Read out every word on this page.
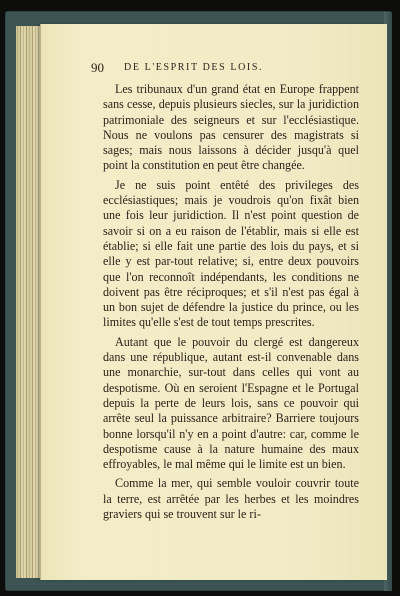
90 DE L'ESPRIT DES LOIS.

Les tribunaux d'un grand état en Europe frappent sans cesse, depuis plusieurs siecles, sur la juridiction patrimoniale des seigneurs et sur l'ecclésiastique. Nous ne voulons pas censurer des magistrats si sages; mais nous laissons à décider jusqu'à quel point la constitution en peut être changée.

Je ne suis point entêté des privileges des ecclésiastiques; mais je voudrois qu'on fixât bien une fois leur juridiction. Il n'est point question de savoir si on a eu raison de l'établir, mais si elle est établie; si elle fait une partie des lois du pays, et si elle y est par-tout relative; si, entre deux pouvoirs que l'on reconnoît indépendants, les conditions ne doivent pas être réciproques; et s'il n'est pas égal à un bon sujet de défendre la justice du prince, ou les limites qu'elle s'est de tout temps prescrites.

Autant que le pouvoir du clergé est dangereux dans une république, autant est-il convenable dans une monarchie, sur-tout dans celles qui vont au despotisme. Où en seroient l'Espagne et le Portugal depuis la perte de leurs lois, sans ce pouvoir qui arrête seul la puissance arbitraire? Barriere toujours bonne lorsqu'il n'y en a point d'autre: car, comme le despotisme cause à la nature humaine des maux effroyables, le mal même qui le limite est un bien.

Comme la mer, qui semble vouloir couvrir toute la terre, est arrêtée par les herbes et les moindres graviers qui se trouvent sur le ri-
